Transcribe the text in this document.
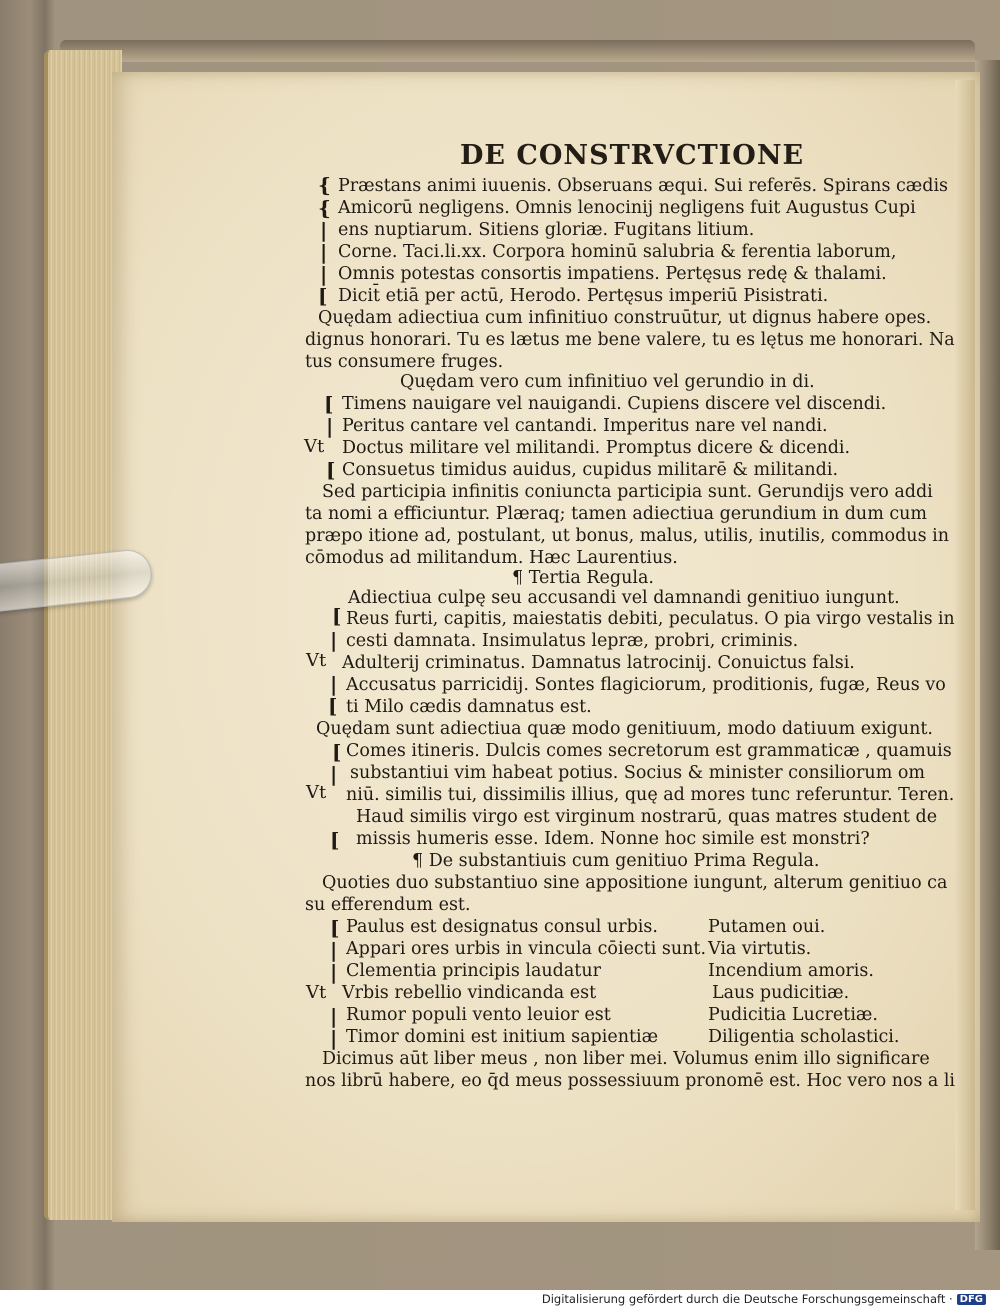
DE CONSTRVCTIONE
{
{
|
|
|
[
[
|
[
[
|
|
[
[
|
[
[
|
|
|
|
Vt
Vt
Vt
Vt
Præstans animi iuuenis. Obseruans æqui. Sui referēs. Spirans cædis
Amicorū negligens. Omnis lenocinij negligens fuit Augustus Cupi
ens nuptiarum. Sitiens gloriæ. Fugitans litium.
Corne. Taci.li.xx. Corpora hominū salubria & ferentia laborum,
Omnis potestas consortis impatiens. Pertęsus redę & thalami.
Dicit̄ etiā per actū, Herodo. Pertęsus imperiū Pisistrati.
Quędam adiectiua cum infinitiuo construūtur, ut dignus habere opes.
dignus honorari. Tu es lætus me bene valere, tu es lętus me honorari. Na
tus consumere fruges.
Quędam vero cum infinitiuo vel gerundio in di.
Timens nauigare vel nauigandi. Cupiens discere vel discendi.
Peritus cantare vel cantandi. Imperitus nare vel nandi.
Doctus militare vel militandi. Promptus dicere & dicendi.
Consuetus timidus auidus, cupidus militarē & militandi.
Sed participia infinitis coniuncta participia sunt. Gerundijs vero addi
ta nomi a efficiuntur. Plæraq; tamen adiectiua gerundium in dum cum
præpo itione ad, postulant, ut bonus, malus, utilis, inutilis, commodus in
cōmodus ad militandum. Hæc Laurentius.
¶ Tertia Regula.
Adiectiua culpę seu accusandi vel damnandi genitiuo iungunt.
Reus furti, capitis, maiestatis debiti, peculatus. O pia virgo vestalis in
cesti damnata. Insimulatus lepræ, probri, criminis.
Adulterij criminatus. Damnatus latrocinij. Conuictus falsi.
Accusatus parricidij. Sontes flagiciorum, proditionis, fugæ, Reus vo
ti Milo cædis damnatus est.
Quędam sunt adiectiua quæ modo genitiuum, modo datiuum exigunt.
Comes itineris. Dulcis comes secretorum est grammaticæ , quamuis
substantiui vim habeat potius. Socius & minister consiliorum om
niū. similis tui, dissimilis illius, quę ad mores tunc referuntur. Teren.
Haud similis virgo est virginum nostrarū, quas matres student de
missis humeris esse. Idem. Nonne hoc simile est monstri?
¶ De substantiuis cum genitiuo Prima Regula.
Quoties duo substantiuo sine appositione iungunt, alterum genitiuo ca
su efferendum est.
Paulus est designatus consul urbis.
Appari ores urbis in vincula cōiecti sunt.
Clementia principis laudatur
Vrbis rebellio vindicanda est
Rumor populi vento leuior est
Timor domini est initium sapientiæ
Dicimus aūt liber meus , non liber mei. Volumus enim illo significare
nos librū habere, eo q̄d meus possessiuum pronomē est. Hoc vero nos a li
Putamen oui.
Via virtutis.
Incendium amoris.
Laus pudicitiæ.
Pudicitia Lucretiæ.
Diligentia scholastici.
Digitalisierung gefördert durch die Deutsche Forschungsgemeinschaft · DFG
